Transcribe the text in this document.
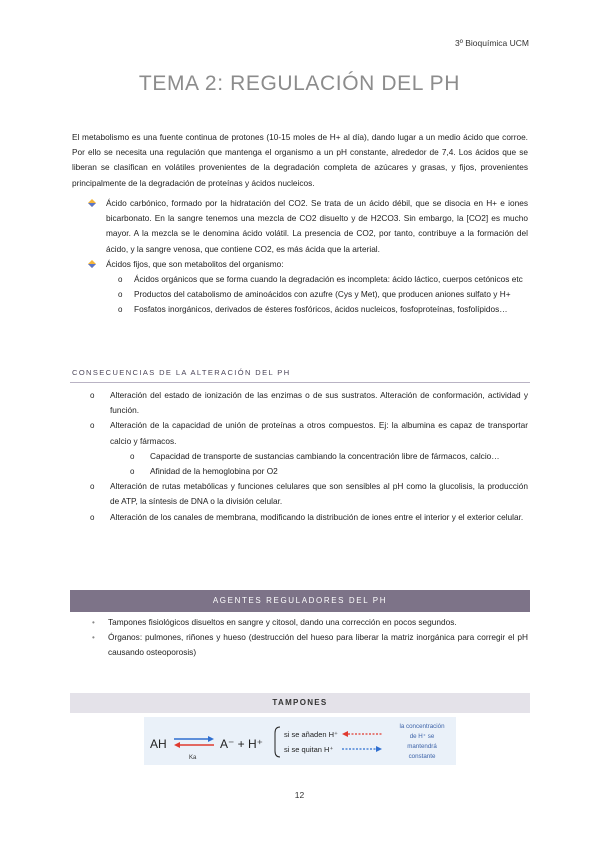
3º Bioquímica UCM
TEMA 2: REGULACIÓN DEL PH

El metabolismo es una fuente continua de protones (10-15 moles de H+ al día), dando lugar a un medio ácido que corroe. Por ello se necesita una regulación que mantenga el organismo a un pH constante, alrededor de 7,4. Los ácidos que se liberan se clasifican en volátiles provenientes de la degradación completa de azúcares y grasas, y fijos, provenientes principalmente de la degradación de proteínas y ácidos nucleicos.

Ácido carbónico, formado por la hidratación del CO2. Se trata de un ácido débil, que se disocia en H+ e iones bicarbonato. En la sangre tenemos una mezcla de CO2 disuelto y de H2CO3. Sin embargo, la [CO2] es mucho mayor. A la mezcla se le denomina ácido volátil. La presencia de CO2, por tanto, contribuye a la formación del ácido, y la sangre venosa, que contiene CO2, es más ácida que la arterial.
Ácidos fijos, que son metabolitos del organismo:
o Ácidos orgánicos que se forma cuando la degradación es incompleta: ácido láctico, cuerpos cetónicos etc
o Productos del catabolismo de aminoácidos con azufre (Cys y Met), que producen aniones sulfato y H+
o Fosfatos inorgánicos, derivados de ésteres fosfóricos, ácidos nucleicos, fosfoproteínas, fosfolípidos…
CONSECUENCIAS DE LA ALTERACIÓN DEL PH
o Alteración del estado de ionización de las enzimas o de sus sustratos. Alteración de conformación, actividad y función.
o Alteración de la capacidad de unión de proteínas a otros compuestos. Ej: la albumina es capaz de transportar calcio y fármacos.
o Capacidad de transporte de sustancias cambiando la concentración libre de fármacos, calcio…
o Afinidad de la hemoglobina por O2
o Alteración de rutas metabólicas y funciones celulares que son sensibles al pH como la glucolisis, la producción de ATP, la síntesis de DNA o la división celular.
o Alteración de los canales de membrana, modificando la distribución de iones entre el interior y el exterior celular.
AGENTES REGULADORES DEL PH
• Tampones fisiológicos disueltos en sangre y citosol, dando una corrección en pocos segundos.
• Órganos: pulmones, riñones y hueso (destrucción del hueso para liberar la matriz inorgánica para corregir el pH causando osteoporosis)
TAMPONES
AH
Ka
A⁻ + H⁺
si se añaden H⁺
si se quitan H⁺
la concentración
de H⁺ se
mantendrá
constante
12
